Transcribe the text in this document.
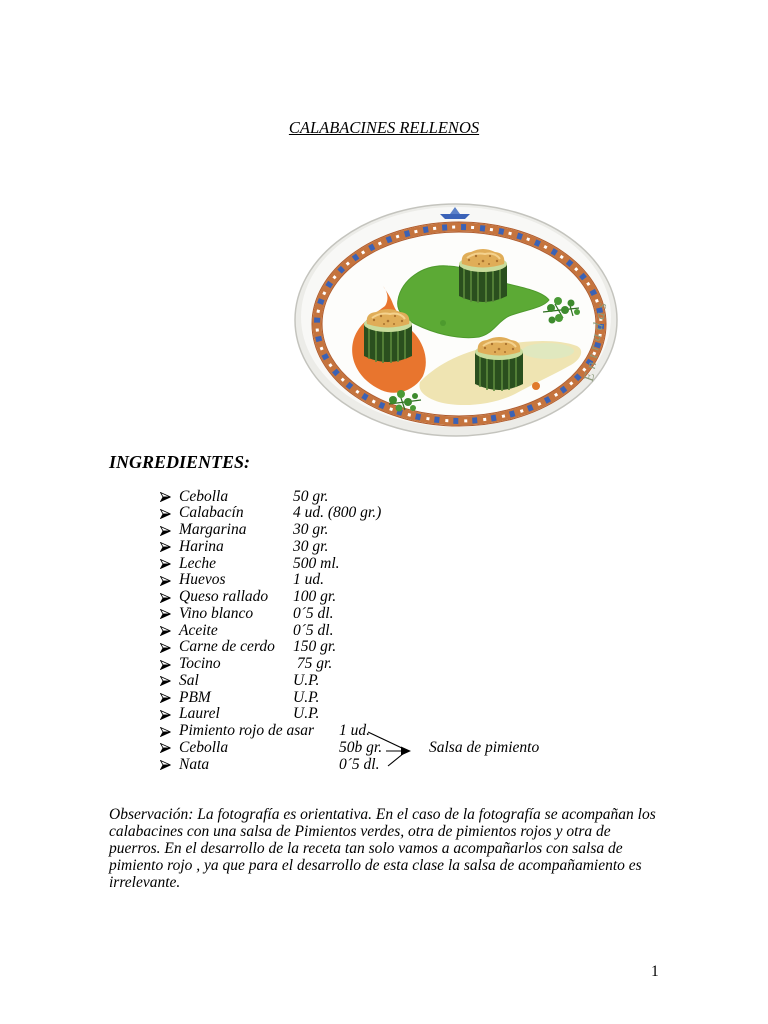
CALABACINES RELLENOS
Entradas
INGREDIENTES:
Cebolla	50 gr.
Calabacín	4 ud. (800 gr.)
Margarina	30 gr.
Harina	30 gr.
Leche	500 ml.
Huevos	1 ud.
Queso rallado 100 gr.
Vino blanco	0´5 dl.
Aceite	0´5 dl.
Carne de cerdo 150 gr.
Tocino	75 gr.
Sal	U.P.
PBM	U.P.
Laurel	U.P.
Pimiento rojo de asar 1 ud.
Cebolla	50b gr.
Nata	0´5 dl.
Salsa de pimiento
Observación: La fotografía es orientativa. En el caso de la fotografía se acompañan los
calabacines con una salsa de Pimientos verdes, otra de pimientos rojos y otra de
puerros. En el desarrollo de la receta tan solo vamos a acompañarlos con salsa de
pimiento rojo , ya que para el desarrollo de esta clase la salsa de acompañamiento es
irrelevante.
1
